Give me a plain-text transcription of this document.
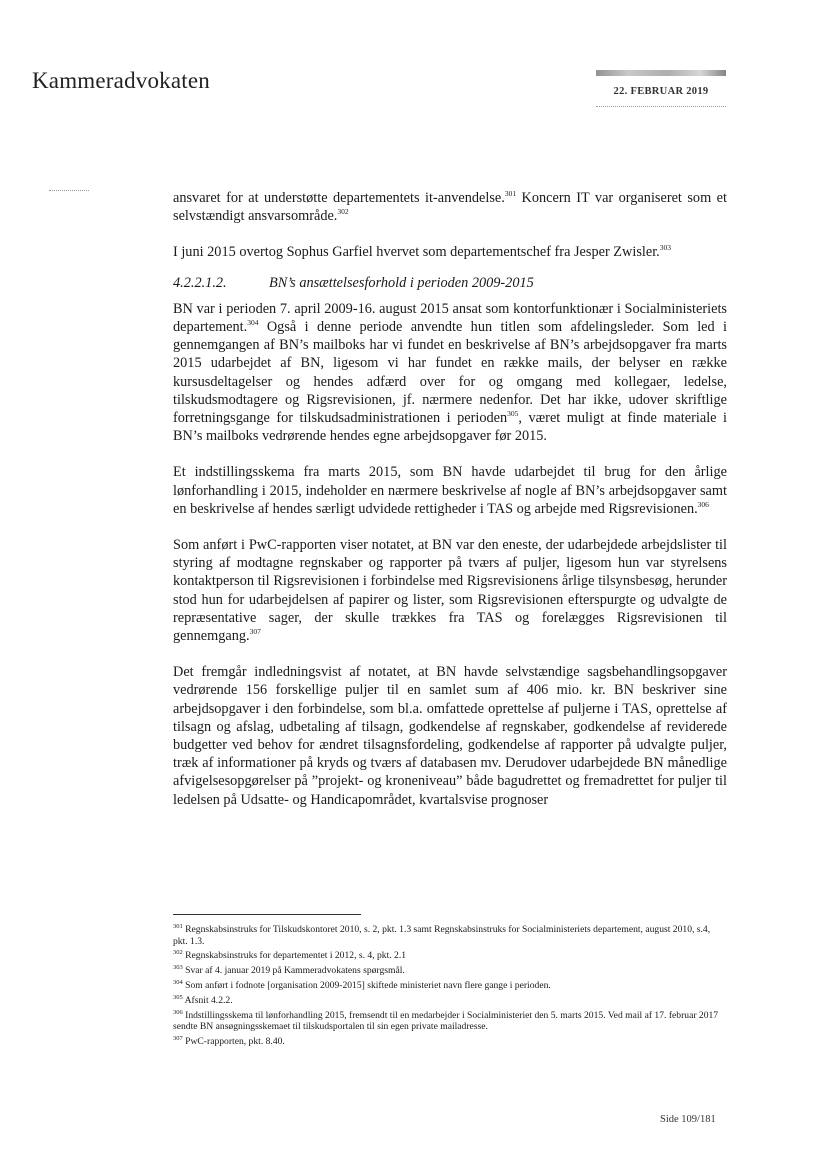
Kammeradvokaten	22. FEBRUAR 2019

ansvaret for at understøtte departementets it-anvendelse.$^{301}$ Koncern IT var organiseret som et selvstændigt ansvarsområde.$^{302}$

I juni 2015 overtog Sophus Garfiel hvervet som departementschef fra Jesper Zwisler.$^{303}$

4.2.2.1.2.	BN’s ansættelsesforhold i perioden 2009-2015

BN var i perioden 7. april 2009-16. august 2015 ansat som kontorfunktionær i Socialministeriets departement.$^{304}$ Også i denne periode anvendte hun titlen som afdelingsleder. Som led i gennemgangen af BN’s mailboks har vi fundet en beskrivelse af BN’s arbejdsopgaver fra marts 2015 udarbejdet af BN, ligesom vi har fundet en række mails, der belyser en række kursusdeltagelser og hendes adfærd over for og omgang med kollegaer, ledelse, tilskudsmodtagere og Rigsrevisionen, jf. nærmere nedenfor. Det har ikke, udover skriftlige forretningsgange for tilskudsadministrationen i perioden$^{305}$, været muligt at finde materiale i BN’s mailboks vedrørende hendes egne arbejdsopgaver før 2015.

Et indstillingsskema fra marts 2015, som BN havde udarbejdet til brug for den årlige lønforhandling i 2015, indeholder en nærmere beskrivelse af nogle af BN’s arbejdsopgaver samt en beskrivelse af hendes særligt udvidede rettigheder i TAS og arbejde med Rigsrevisionen.$^{306}$

Som anført i PwC-rapporten viser notatet, at BN var den eneste, der udarbejdede arbejdslister til styring af modtagne regnskaber og rapporter på tværs af puljer, ligesom hun var styrelsens kontaktperson til Rigsrevisionen i forbindelse med Rigsrevisionens årlige tilsynsbesøg, herunder stod hun for udarbejdelsen af papirer og lister, som Rigsrevisionen efterspurgte og udvalgte de repræsentative sager, der skulle trækkes fra TAS og forelægges Rigsrevisionen til gennemgang.$^{307}$

Det fremgår indledningsvist af notatet, at BN havde selvstændige sagsbehandlingsopgaver vedrørende 156 forskellige puljer til en samlet sum af 406 mio. kr. BN beskriver sine arbejdsopgaver i den forbindelse, som bl.a. omfattede oprettelse af puljerne i TAS, oprettelse af tilsagn og afslag, udbetaling af tilsagn, godkendelse af regnskaber, godkendelse af reviderede budgetter ved behov for ændret tilsagnsfordeling, godkendelse af rapporter på udvalgte puljer, træk af informationer på kryds og tværs af databasen mv. Derudover udarbejdede BN månedlige afvigelsesopgørelser på ”projekt- og kroneniveau” både bagudrettet og fremadrettet for puljer til ledelsen på Udsatte- og Handicapområdet, kvartalsvise prognoser

$^{301}$ Regnskabsinstruks for Tilskudskontoret 2010, s. 2, pkt. 1.3 samt Regnskabsinstruks for Socialministeriets departement, august 2010, s.4, pkt. 1.3.
$^{302}$ Regnskabsinstruks for departementet i 2012, s. 4, pkt. 2.1
$^{303}$ Svar af 4. januar 2019 på Kammeradvokatens spørgsmål.
$^{304}$ Som anført i fodnote [organisation 2009-2015] skiftede ministeriet navn flere gange i perioden.
$^{305}$ Afsnit 4.2.2.
$^{306}$ Indstillingsskema til lønforhandling 2015, fremsendt til en medarbejder i Socialministeriet den 5. marts 2015. Ved mail af 17. februar 2017 sendte BN ansøgningsskemaet til tilskudsportalen til sin egen private mailadresse.
$^{307}$ PwC-rapporten, pkt. 8.40.
Side 109/181
